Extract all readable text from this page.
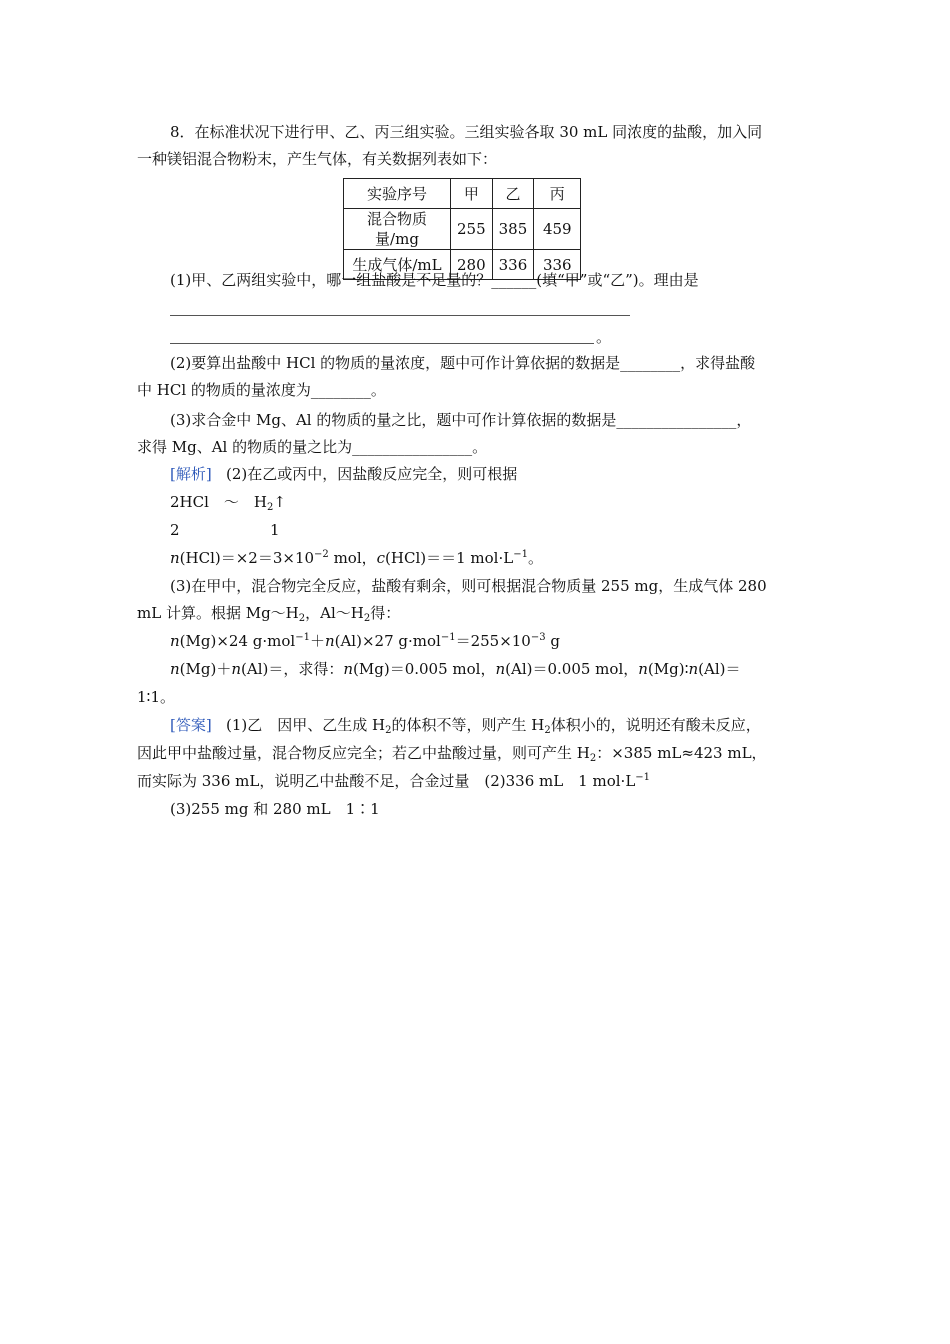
8．在标准状况下进行甲、乙、丙三组实验。三组实验各取 30 mL 同浓度的盐酸，加入同
一种镁铝混合物粉末，产生气体，有关数据列表如下：
实验序号	甲	乙	丙
混合物质量/mg	255	385	459
生成气体/mL	280	336	336
(1)甲、乙两组实验中，哪一组盐酸是不足量的？______(填“甲”或“乙”)。理由是
。
(2)要算出盐酸中 HCl 的物质的量浓度，题中可作计算依据的数据是________，求得盐酸
中 HCl 的物质的量浓度为________。
(3)求合金中 Mg、Al 的物质的量之比，题中可作计算依据的数据是________________，
求得 Mg、Al 的物质的量之比为________________。
[解析] (2)在乙或丙中，因盐酸反应完全，则可根据
2HCl　～　$H_2↑$
2	1
$n(HCl)=\times 2=3\times 10^{-2}$ mol，c(HCl)＝＝1 $mol\cdot L^{-1}$。
(3)在甲中，混合物完全反应，盐酸有剩余，则可根据混合物质量 255 mg，生成气体 280
mL 计算。根据 $Mg\sim H_2$，$Al\sim H_2$得：
n(Mg)×24 g·mol$^{-1}$＋n(Al)×27 $g\cdot mol^{-1}=255\times 10^{-3}$ g
n(Mg)＋n(Al)＝，求得：n(Mg)＝0.005 mol，n(Al)＝0.005 mol，n(Mg)∶n(Al)＝
1∶1。
[答案] (1)乙　因甲、乙生成 $H_2$的体积不等，则产生 $H_2$体积小的，说明还有酸未反应，
因此甲中盐酸过量，混合物反应完全；若乙中盐酸过量，则可产生 $H_2$：×385 mL≈423 mL，
而实际为 336 mL，说明乙中盐酸不足，合金过量　(2)336 mL　1 $mol\cdot L^{-1}$
(3)255 mg 和 280 mL　1∶1
